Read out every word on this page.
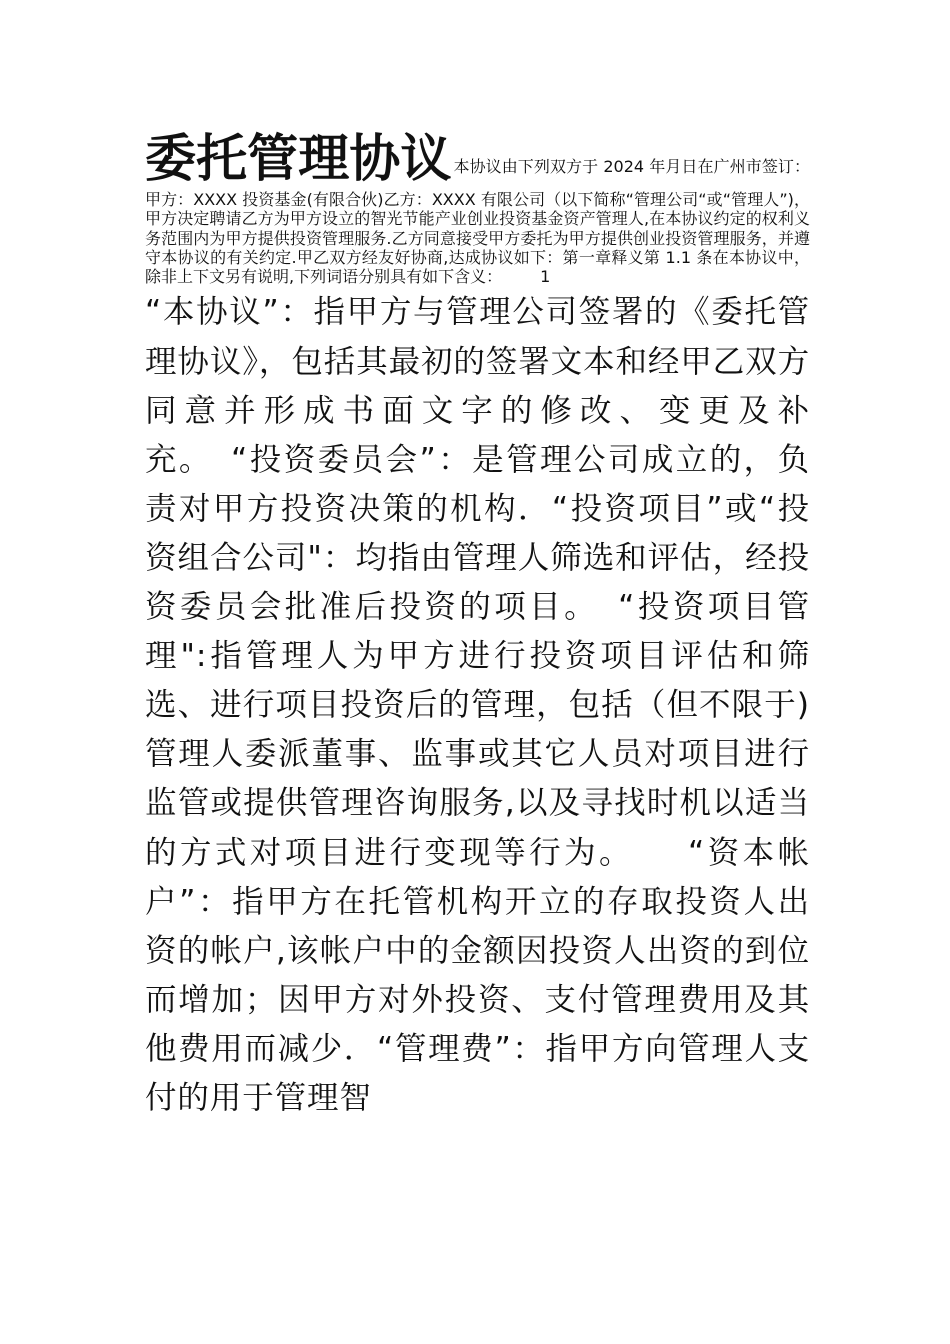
委托管理协议 本协议由下列双方于 2024 年月日在广州市签订：甲方：XXXX 投资基金(有限合伙)乙方：XXXX 有限公司（以下简称“管理公司“或“管理人”)，甲方决定聘请乙方为甲方设立的智光节能产业创业投资基金资产管理人,在本协议约定的权利义务范围内为甲方提供投资管理服务.乙方同意接受甲方委托为甲方提供创业投资管理服务，并遵守本协议的有关约定.甲乙双方经友好协商,达成协议如下：第一章释义第 1.1 条在本协议中，除非上下文另有说明,下列词语分别具有如下含义： 1

“本协议”：指甲方与管理公司签署的《委托管理协议》，包括其最初的签署文本和经甲乙双方同意并形成书面文字的修改、变更及补充。　“投资委员会”：是管理公司成立的，负责对甲方投资决策的机构．“投资项目”或“投资组合公司"：均指由管理人筛选和评估，经投资委员会批准后投资的项目。　“投资项目管理":指管理人为甲方进行投资项目评估和筛选、进行项目投资后的管理，包括（但不限于)管理人委派董事、监事或其它人员对项目进行监管或提供管理咨询服务,以及寻找时机以适当的方式对项目进行变现等行为。　　“资本帐户”：指甲方在托管机构开立的存取投资人出资的帐户,该帐户中的金额因投资人出资的到位而增加；因甲方对外投资、支付管理费用及其他费用而减少．“管理费”：指甲方向管理人支付的用于管理智
